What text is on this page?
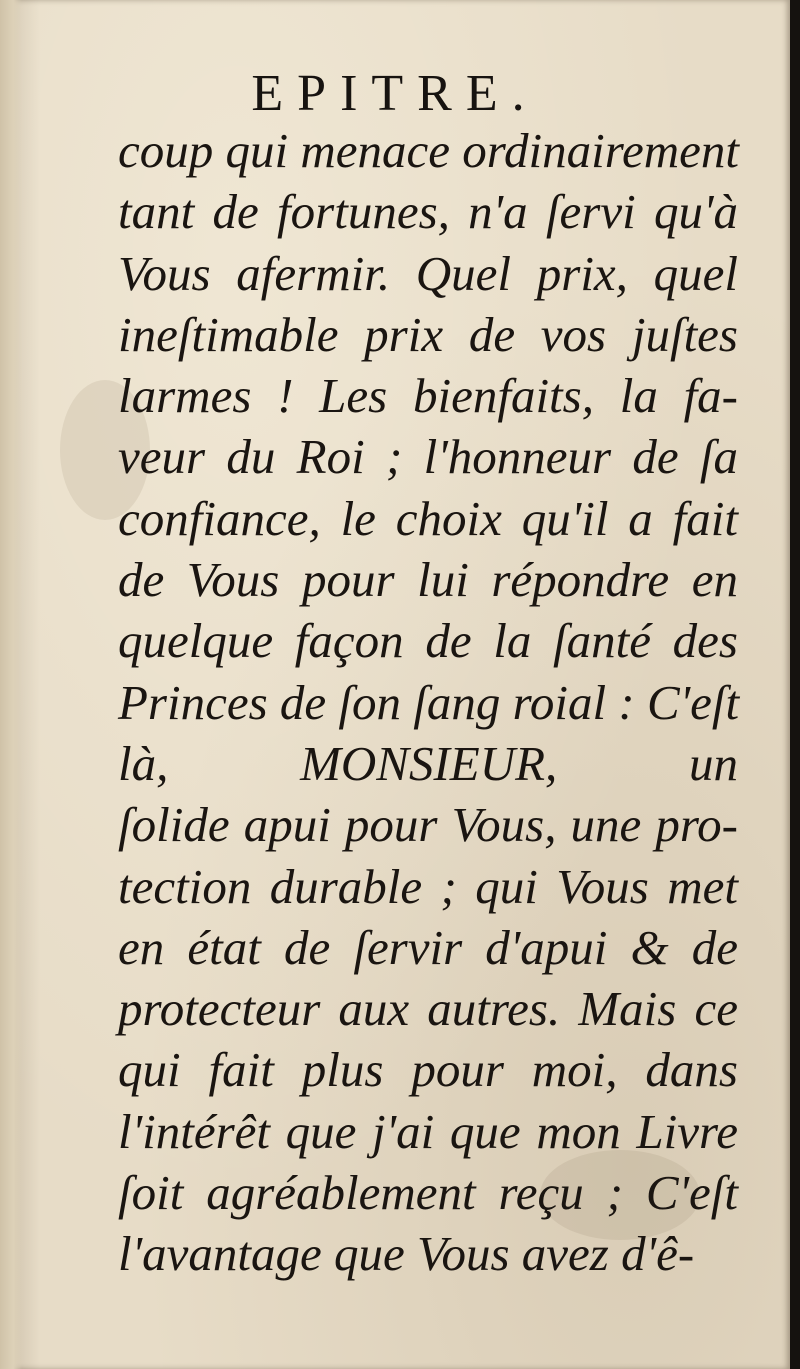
EPITRE.
coup qui menace ordinairement
tant de fortunes, n'a ſervi qu'à
Vous afermir. Quel prix, quel
ineſtimable prix de vos juſtes
larmes ! Les bienfaits, la fa-
veur du Roi ; l'honneur de ſa
confiance, le choix qu'il a fait
de Vous pour lui répondre en
quelque façon de la ſanté des
Princes de ſon ſang roial : C'eſt
là, MONSIEUR, un
ſolide apui pour Vous, une pro-
tection durable ; qui Vous met
en état de ſervir d'apui & de
protecteur aux autres. Mais ce
qui fait plus pour moi, dans
l'intérêt que j'ai que mon Livre
ſoit agréablement reçu ; C'eſt
l'avantage que Vous avez d'ê-
